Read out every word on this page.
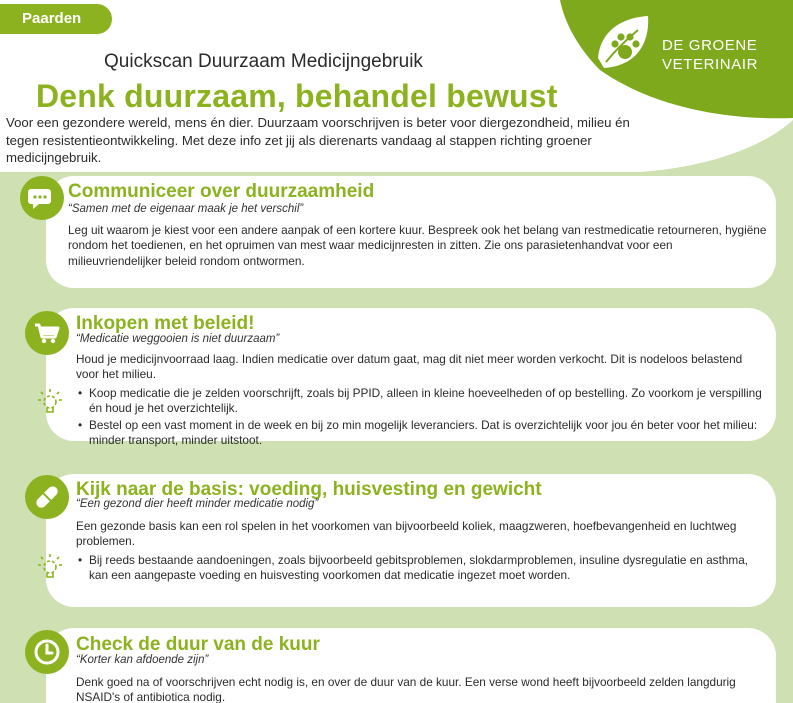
Paarden
DE GROENE
VETERINAIR
Quickscan Duurzaam Medicijngebruik
Denk duurzaam, behandel bewust
Voor een gezondere wereld, mens én dier. Duurzaam voorschrijven is beter voor diergezondheid, milieu én tegen resistentieontwikkeling. Met deze info zet jij als dierenarts vandaag al stappen richting groener medicijngebruik.
Communiceer over duurzaamheid
“Samen met de eigenaar maak je het verschil”

Leg uit waarom je kiest voor een andere aanpak of een kortere kuur. Bespreek ook het belang van restmedicatie retourneren, hygiëne rondom het toedienen, en het opruimen van mest waar medicijnresten in zitten. Zie ons parasietenhandvat voor een milieuvriendelijker beleid rondom ontwormen.

Inkopen met beleid!
“Medicatie weggooien is niet duurzaam”

Houd je medicijnvoorraad laag. Indien medicatie over datum gaat, mag dit niet meer worden verkocht. Dit is nodeloos belastend voor het milieu.

• Koop medicatie die je zelden voorschrijft, zoals bij PPID, alleen in kleine hoeveelheden of op bestelling. Zo voorkom je verspilling én houd je het overzichtelijk.
• Bestel op een vast moment in de week en bij zo min mogelijk leveranciers. Dat is overzichtelijk voor jou én beter voor het milieu: minder transport, minder uitstoot.
Kijk naar de basis: voeding, huisvesting en gewicht
“Een gezond dier heeft minder medicatie nodig”

Een gezonde basis kan een rol spelen in het voorkomen van bijvoorbeeld koliek, maagzweren, hoefbevangenheid en luchtweg problemen.

• Bij reeds bestaande aandoeningen, zoals bijvoorbeeld gebitsproblemen, slokdarmproblemen, insuline dysregulatie en asthma, kan een aangepaste voeding en huisvesting voorkomen dat medicatie ingezet moet worden.
Check de duur van de kuur
“Korter kan afdoende zijn”

Denk goed na of voorschrijven echt nodig is, en over de duur van de kuur. Een verse wond heeft bijvoorbeeld zelden langdurig NSAID's of antibiotica nodig.
